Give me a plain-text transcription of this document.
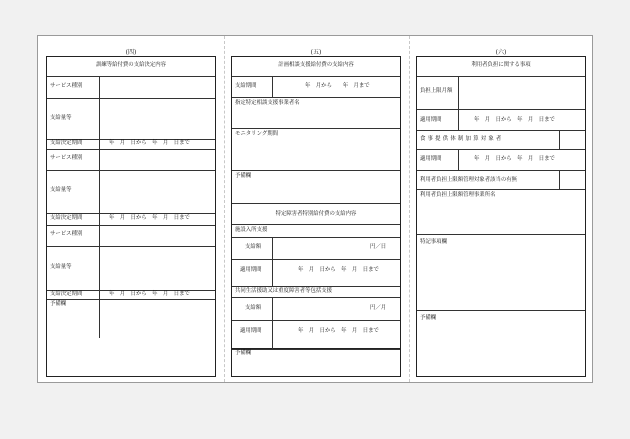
(四)
訓練等給付費の支給決定内容
サービス種別
支給量等
支給決定期間	年　月　日から　年　月　日まで
サービス種別
支給量等
支給決定期間	年　月　日から　年　月　日まで
サービス種別
支給量等
支給決定期間	年　月　日から　年　月　日まで
予備欄
(五)
計画相談支援給付費の支給内容
支給期間	年　月から　　年　月まで
指定特定相談支援事業者名
モニタリング期間
予備欄
特定障害者特別給付費の支給内容
施設入所支援
支給額	円／日
適用期間	年　月　日から　年　月　日まで
共同生活援助又は重度障害者等包括支援
支給額	円／月
適用期間	年　月　日から　年　月　日まで
予備欄
(六)
利用者負担に関する事項
負担上限月額
適用期間	年　月　日から　年　月　日まで
食事提供体制加算対象者
適用期間	年　月　日から　年　月　日まで
利用者負担上限額管理対象者該当の有無
利用者負担上限額管理事業所名
特記事項欄
予備欄
